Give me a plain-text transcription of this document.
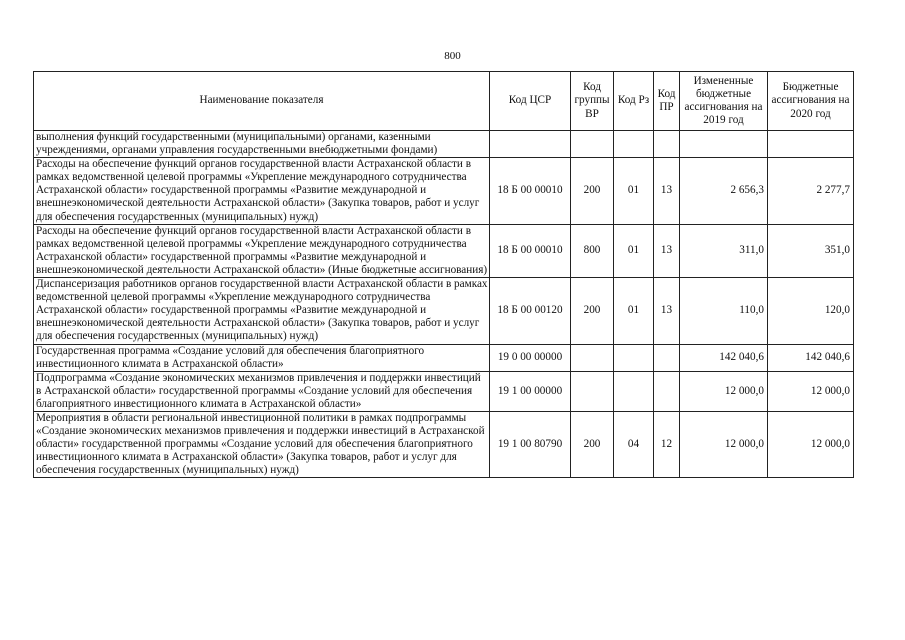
800
Наименование показателя	Код ЦСР	Код группы ВР	Код Рз	Код ПР	Измененные бюджетные ассигнования на 2019 год	Бюджетные ассигнования на 2020 год
выполнения функций государственными (муниципальными) органами, казенными учреждениями, органами управления государственными внебюджетными фондами)						
Расходы на обеспечение функций органов государственной власти Астраханской области в рамках ведомственной целевой программы «Укрепление международного сотрудничества Астраханской области» государственной программы «Развитие международной и внешнеэкономической деятельности Астраханской области» (Закупка товаров, работ и услуг для обеспечения государственных (муниципальных) нужд)	18 Б 00 00010	200	01	13	2 656,3	2 277,7
Расходы на обеспечение функций органов государственной власти Астраханской области в рамках ведомственной целевой программы «Укрепление международного сотрудничества Астраханской области» государственной программы «Развитие международной и внешнеэкономической деятельности Астраханской области» (Иные бюджетные ассигнования)	18 Б 00 00010	800	01	13	311,0	351,0
Диспансеризация работников органов государственной власти Астраханской области в рамках ведомственной целевой программы «Укрепление международного сотрудничества Астраханской области» государственной программы «Развитие международной и внешнеэкономической деятельности Астраханской области» (Закупка товаров, работ и услуг для обеспечения государственных (муниципальных) нужд)	18 Б 00 00120	200	01	13	110,0	120,0
Государственная программа «Создание условий для обеспечения благоприятного инвестиционного климата в Астраханской области»	19 0 00 00000				142 040,6	142 040,6
Подпрограмма «Создание экономических механизмов привлечения и поддержки инвестиций в Астраханской области» государственной программы «Создание условий для обеспечения благоприятного инвестиционного климата в Астраханской области»	19 1 00 00000				12 000,0	12 000,0
Мероприятия в области региональной инвестиционной политики в рамках подпрограммы «Создание экономических механизмов привлечения и поддержки инвестиций в Астраханской области» государственной программы «Создание условий для обеспечения благоприятного инвестиционного климата в Астраханской области» (Закупка товаров, работ и услуг для обеспечения государственных (муниципальных) нужд)	19 1 00 80790	200	04	12	12 000,0	12 000,0
